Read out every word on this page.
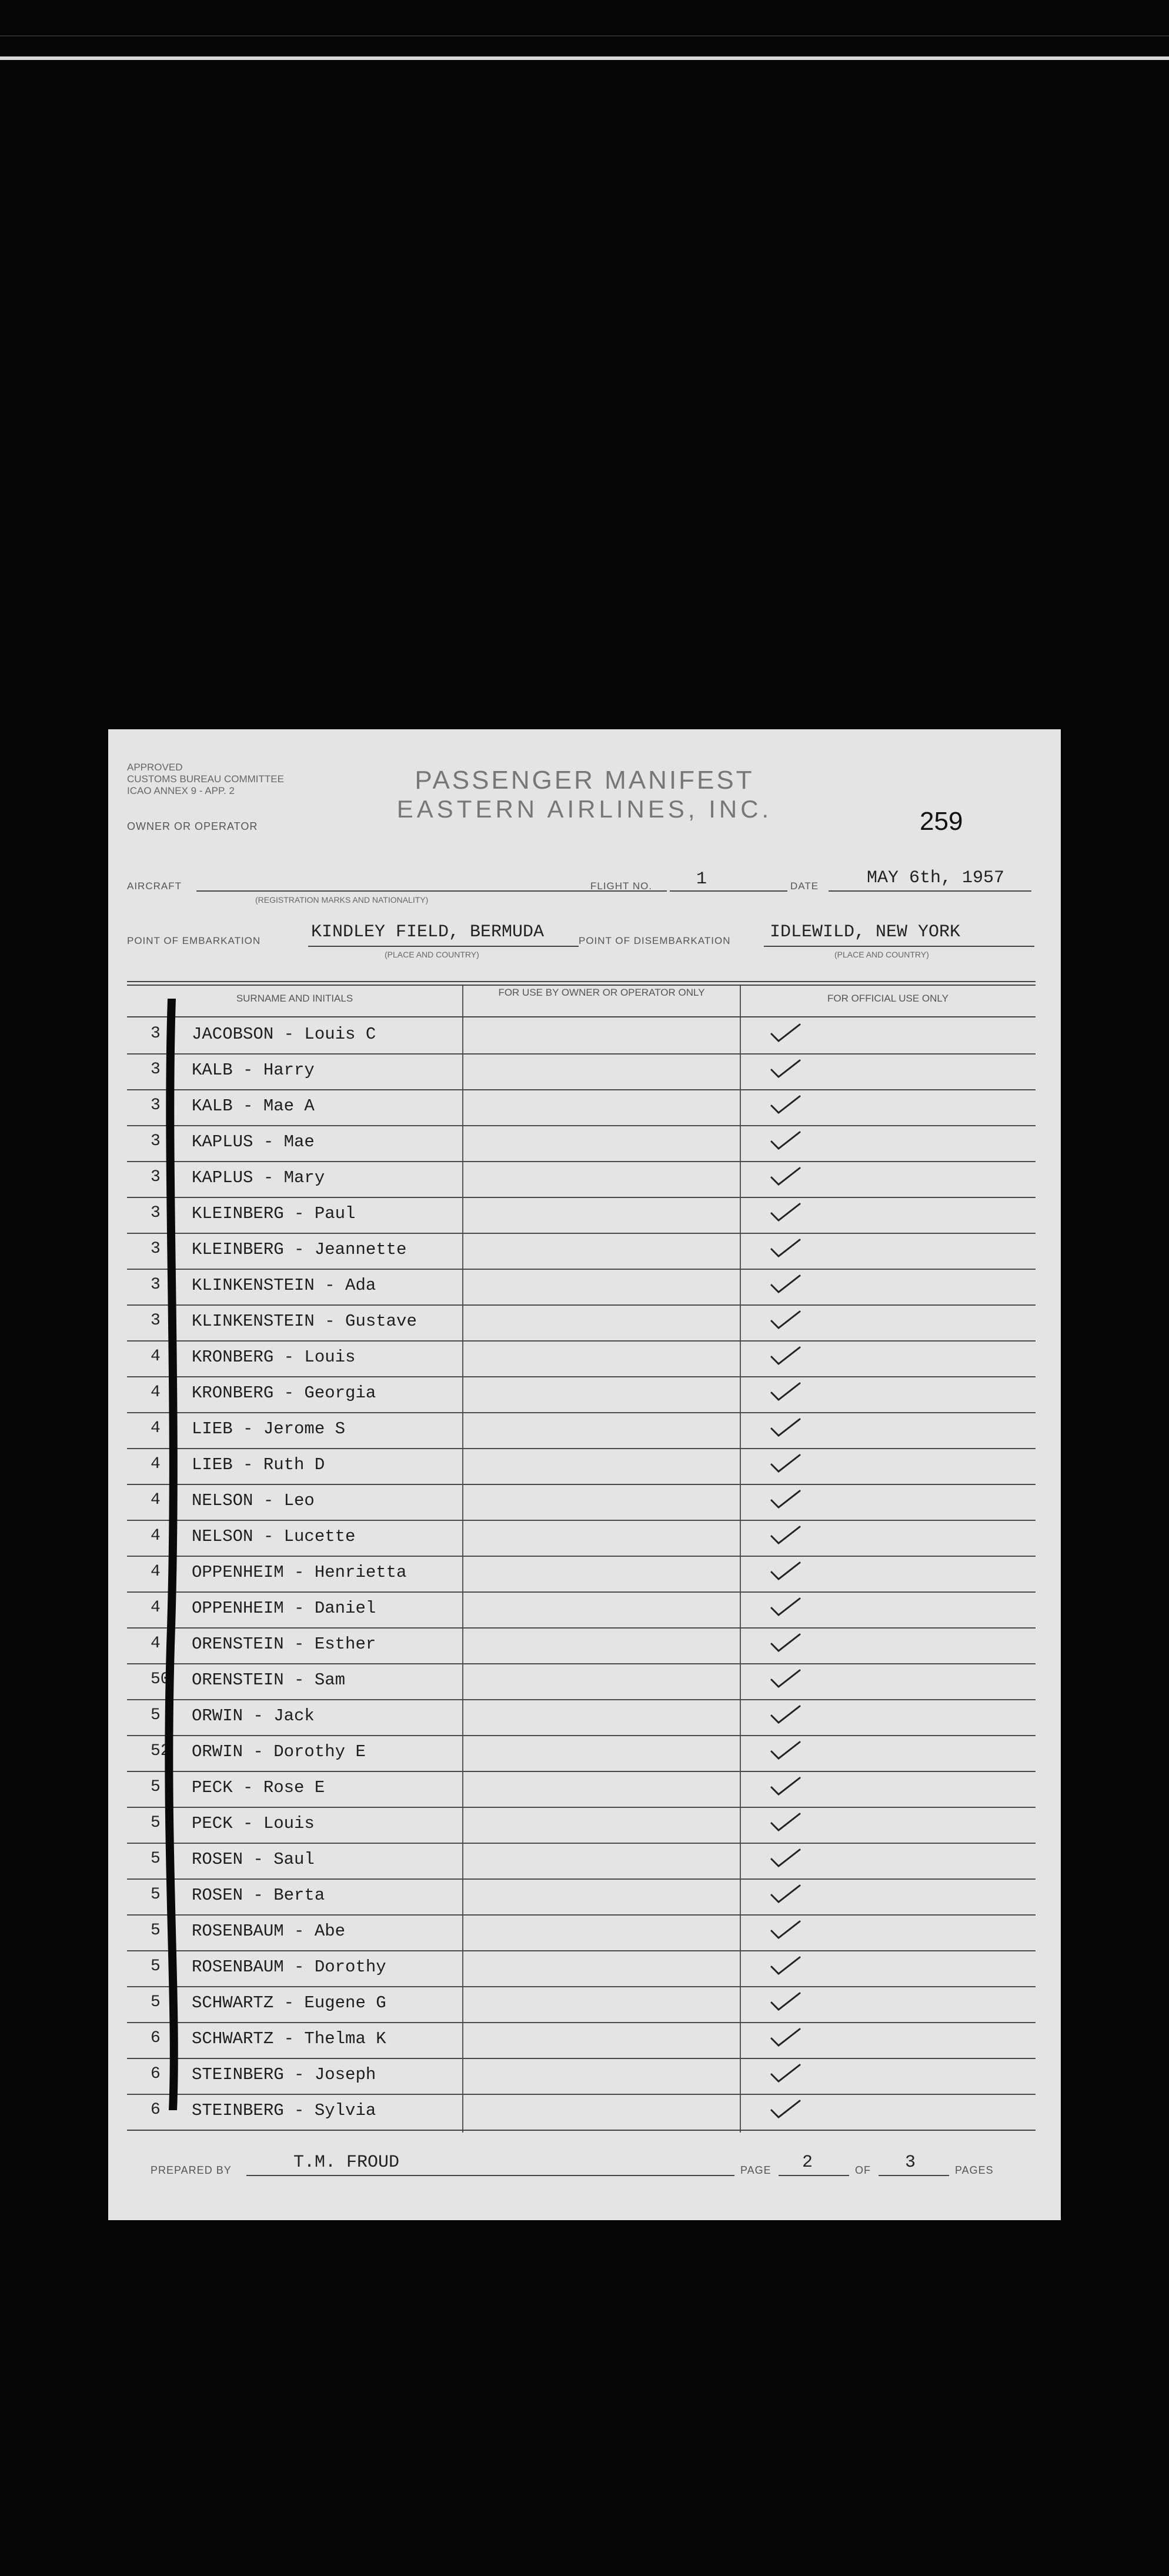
APPROVED
CUSTOMS BUREAU COMMITTEE
ICAO ANNEX 9 - APP. 2
OWNER OR OPERATOR
PASSENGER MANIFEST
EASTERN AIRLINES, INC.	259
AIRCRAFT
(REGISTRATION MARKS AND NATIONALITY)
FLIGHT NO. 1	DATE	MAY 6th, 1957
POINT OF EMBARKATION	KINDLEY FIELD, BERMUDA
(PLACE AND COUNTRY)
POINT OF DISEMBARKATION IDLEWILD, NEW YORK
(PLACE AND COUNTRY)
SURNAME AND INITIALS
FOR USE BY OWNER OR OPERATOR ONLY
FOR OFFICIAL USE ONLY
3 JACOBSON - Louis C
3 KALB - Harry
3 KALB - Mae A
3 KAPLUS - Mae
3 KAPLUS - Mary
3 KLEINBERG - Paul
3 KLEINBERG - Jeannette
3 KLINKENSTEIN - Ada
3 KLINKENSTEIN - Gustave
4 KRONBERG - Louis
4 KRONBERG - Georgia
4 LIEB - Jerome S
4 LIEB - Ruth D
4 NELSON - Leo
4 NELSON - Lucette
4 OPPENHEIM - Henrietta
4 OPPENHEIM - Daniel
4 ORENSTEIN - Esther
50 ORENSTEIN - Sam
5 ORWIN - Jack
52 ORWIN - Dorothy E
5 PECK - Rose E
5 PECK - Louis
5 ROSEN - Saul
5 ROSEN - Berta
5 ROSENBAUM - Abe
5 ROSENBAUM - Dorothy
5 SCHWARTZ - Eugene G
6 SCHWARTZ - Thelma K
6 STEINBERG - Joseph
6 STEINBERG - Sylvia
PREPARED BY	T.M. FROUD	PAGE 2	OF 3	PAGES
